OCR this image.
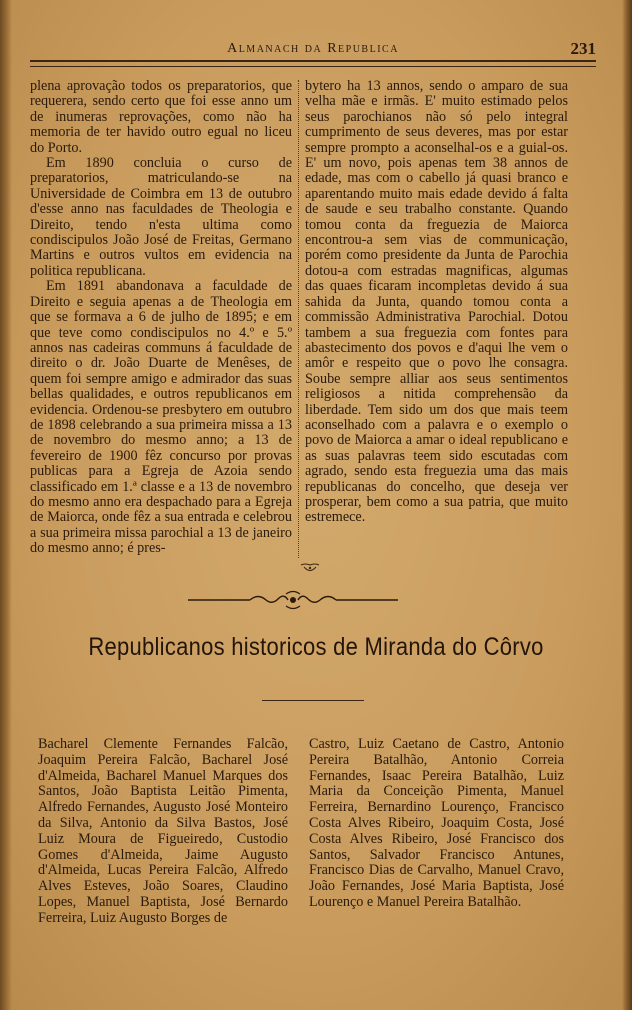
Almanach da Republica	231

plena aprovação todos os preparatorios, que requerera, sendo certo que foi esse anno um de inumeras reprovações, como não ha memoria de ter havido outro egual no liceu do Porto.

Em 1890 concluia o curso de preparatorios, matriculando-se na Universidade de Coimbra em 13 de outubro d'esse anno nas faculdades de Theologia e Direito, tendo n'esta ultima como condiscipulos João José de Freitas, Germano Martins e outros vultos em evidencia na politica republicana.

Em 1891 abandonava a faculdade de Direito e seguia apenas a de Theologia em que se formava a 6 de julho de 1895; e em que teve como condiscipulos no 4.º e 5.º annos nas cadeiras communs á faculdade de direito o dr. João Duarte de Menêses, de quem foi sempre amigo e admirador das suas bellas qualidades, e outros republicanos em evidencia. Ordenou-se presbytero em outubro de 1898 celebrando a sua primeira missa a 13 de novembro do mesmo anno; a 13 de fevereiro de 1900 fêz concurso por provas publicas para a Egreja de Azoia sendo classificado em 1.ª classe e a 13 de novembro do mesmo anno era despachado para a Egreja de Maiorca, onde fêz a sua entrada e celebrou a sua primeira missa parochial a 13 de janeiro do mesmo anno; é pres-

bytero ha 13 annos, sendo o amparo de sua velha mãe e irmãs. E' muito estimado pelos seus parochianos não só pelo integral cumprimento de seus deveres, mas por estar sempre prompto a aconselhal-os e a guial-os. E' um novo, pois apenas tem 38 annos de edade, mas com o cabello já quasi branco e aparentando muito mais edade devido á falta de saude e seu trabalho constante. Quando tomou conta da freguezia de Maiorca encontrou-a sem vias de communicação, porém como presidente da Junta de Parochia dotou-a com estradas magnificas, algumas das quaes ficaram incompletas devido á sua sahida da Junta, quando tomou conta a commissão Administrativa Parochial. Dotou tambem a sua freguezia com fontes para abastecimento dos povos e d'aqui lhe vem o amôr e respeito que o povo lhe consagra. Soube sempre alliar aos seus sentimentos religiosos a nitida comprehensão da liberdade. Tem sido um dos que mais teem aconselhado com a palavra e o exemplo o povo de Maiorca a amar o ideal republicano e as suas palavras teem sido escutadas com agrado, sendo esta freguezia uma das mais republicanas do concelho, que deseja ver prosperar, bem como a sua patria, que muito estremece.

Republicanos historicos de Miranda do Côrvo
Bacharel Clemente Fernandes Falcão, Joaquim Pereira Falcão, Bacharel José d'Almeida, Bacharel Manuel Marques dos Santos, João Baptista Leitão Pimenta, Alfredo Fernandes, Augusto José Monteiro da Silva, Antonio da Silva Bastos, José Luiz Moura de Figueiredo, Custodio Gomes d'Almeida, Jaime Augusto d'Almeida, Lucas Pereira Falcão, Alfredo Alves Esteves, João Soares, Claudino Lopes, Manuel Baptista, José Bernardo Ferreira, Luiz Augusto Borges de
Castro, Luiz Caetano de Castro, Antonio Pereira Batalhão, Antonio Correia Fernandes, Isaac Pereira Batalhão, Luiz Maria da Conceição Pimenta, Manuel Ferreira, Bernardino Lourenço, Francisco Costa Alves Ribeiro, Joaquim Costa, José Costa Alves Ribeiro, José Francisco dos Santos, Salvador Francisco Antunes, Francisco Dias de Carvalho, Manuel Cravo, João Fernandes, José Maria Baptista, José Lourenço e Manuel Pereira Batalhão.
